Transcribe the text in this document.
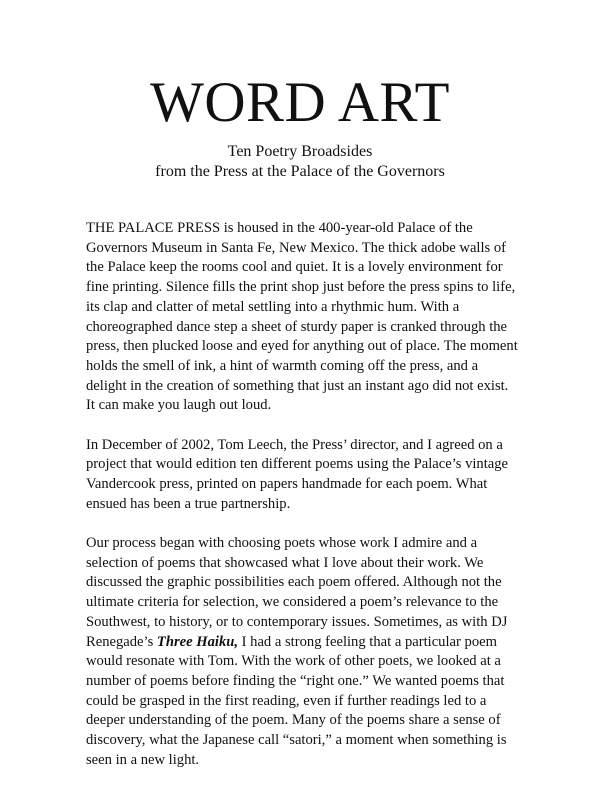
WORD ART
Ten Poetry Broadsides
from the Press at the Palace of the Governors

THE PALACE PRESS is housed in the 400-year-old Palace of the
Governors Museum in Santa Fe, New Mexico. The thick adobe walls of
the Palace keep the rooms cool and quiet. It is a lovely environment for
fine printing. Silence fills the print shop just before the press spins to life,
its clap and clatter of metal settling into a rhythmic hum. With a
choreographed dance step a sheet of sturdy paper is cranked through the
press, then plucked loose and eyed for anything out of place. The moment
holds the smell of ink, a hint of warmth coming off the press, and a
delight in the creation of something that just an instant ago did not exist.
It can make you laugh out loud.

In December of 2002, Tom Leech, the Press’ director, and I agreed on a
project that would edition ten different poems using the Palace’s vintage
Vandercook press, printed on papers handmade for each poem. What
ensued has been a true partnership.

Our process began with choosing poets whose work I admire and a
selection of poems that showcased what I love about their work. We
discussed the graphic possibilities each poem offered. Although not the
ultimate criteria for selection, we considered a poem’s relevance to the
Southwest, to history, or to contemporary issues. Sometimes, as with DJ
Renegade’s Three Haiku, I had a strong feeling that a particular poem
would resonate with Tom. With the work of other poets, we looked at a
number of poems before finding the “right one.” We wanted poems that
could be grasped in the first reading, even if further readings led to a
deeper understanding of the poem. Many of the poems share a sense of
discovery, what the Japanese call “satori,” a moment when something is
seen in a new light.
